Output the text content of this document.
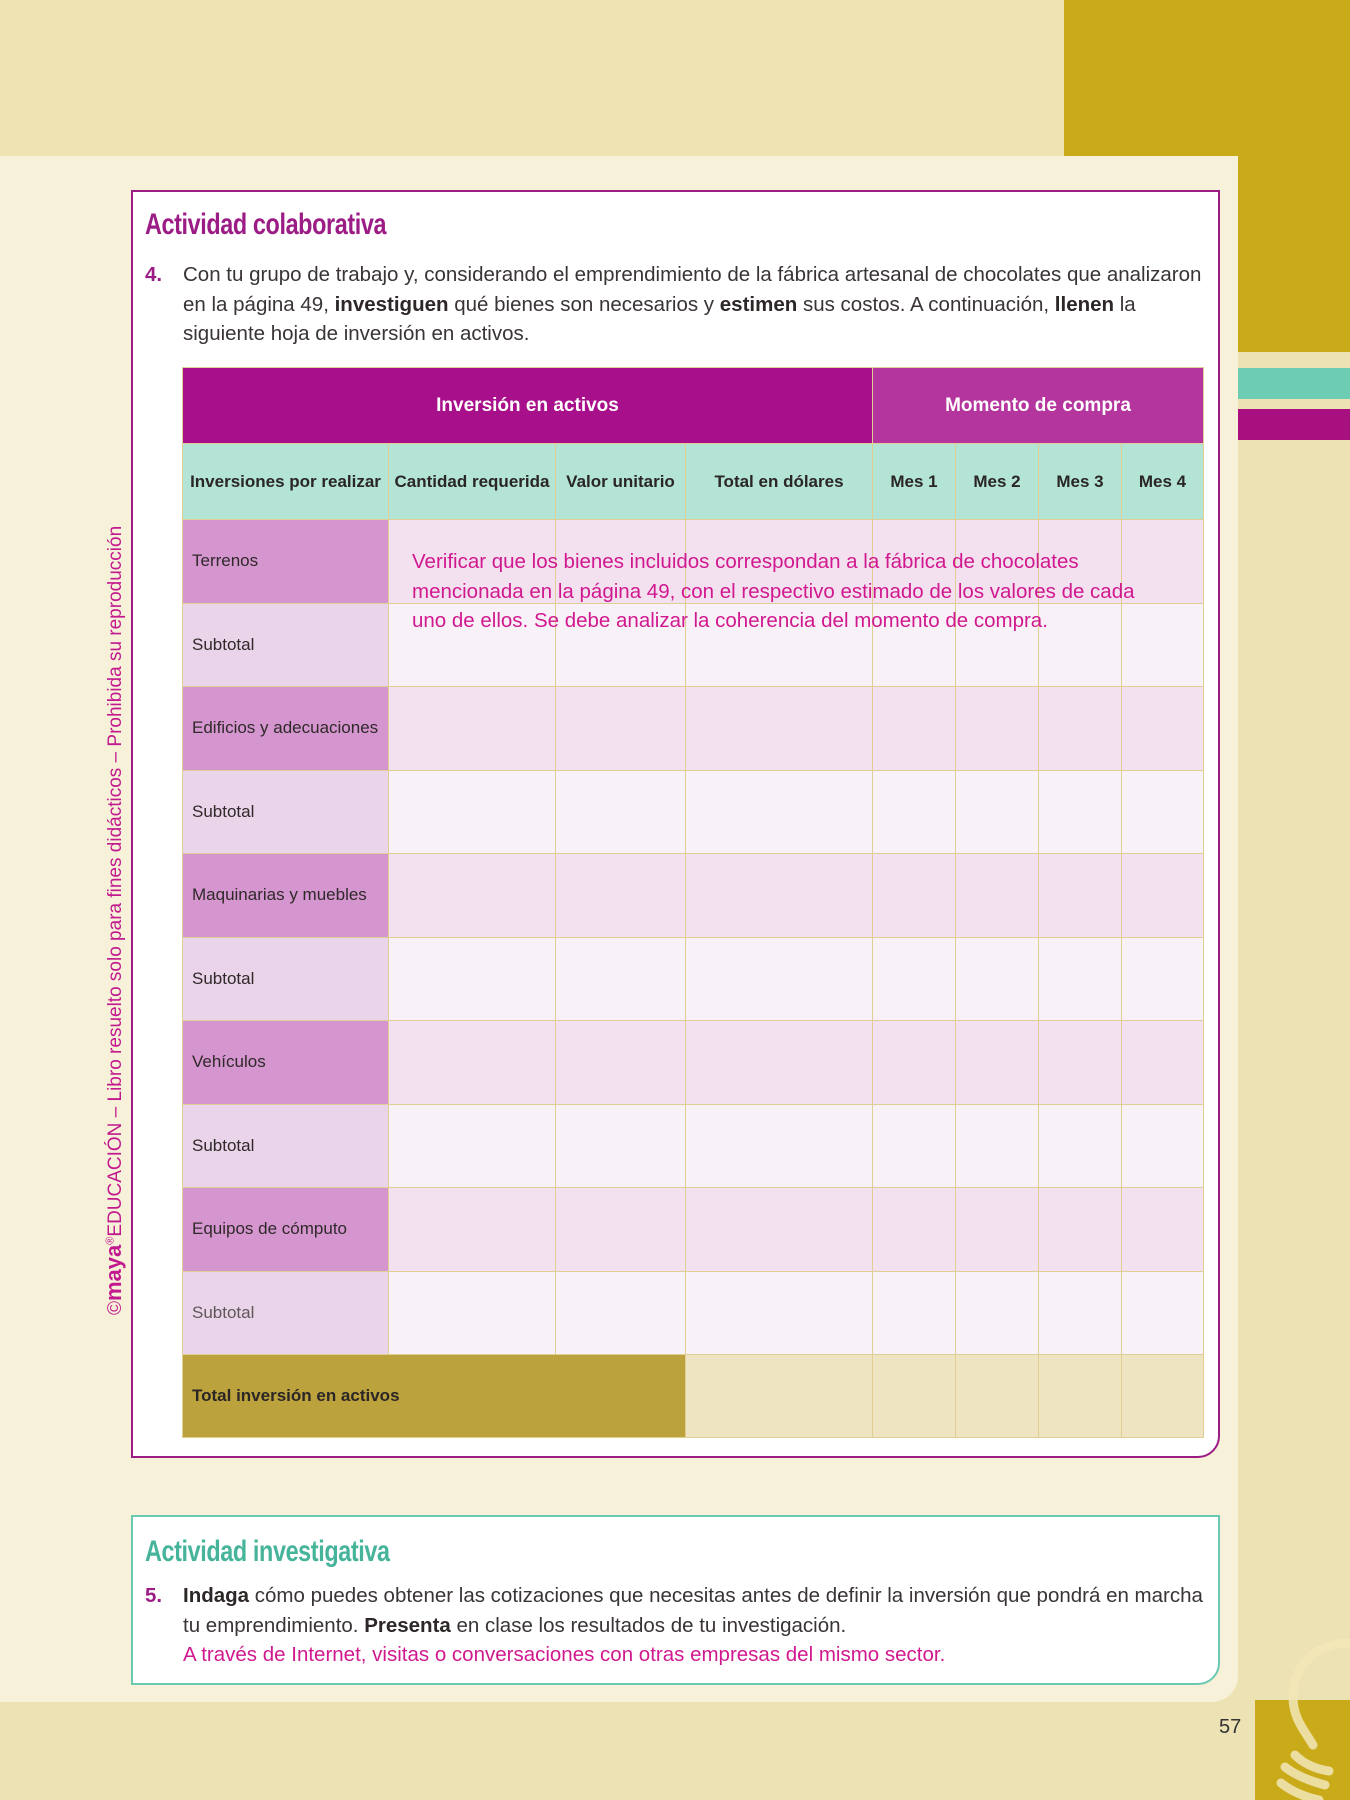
©maya®EDUCACIÓN – Libro resuelto solo para fines didácticos – Prohibida su reproducción
Actividad colaborativa
4.	Con tu grupo de trabajo y, considerando el emprendimiento de la fábrica artesanal de chocolates que analizaron en la página 49, investiguen qué bienes son necesarios y estimen sus costos. A continuación, llenen la siguiente hoja de inversión en activos.

Inversión en activos				Momento de compra			
Inversiones por realizar	Cantidad requerida	Valor unitario	Total en dólares	Mes 1	Mes 2	Mes 3	Mes 4
Terrenos							
Subtotal							
Edificios y adecuaciones							
Subtotal							
Maquinarias y muebles							
Subtotal							
Vehículos							
Subtotal							
Equipos de cómputo							
Subtotal							
Total inversión en activos							

Verificar que los bienes incluidos correspondan a la fábrica de chocolates mencionada en la página 49, con el respectivo estimado de los valores de cada uno de ellos. Se debe analizar la coherencia del momento de compra.

Actividad investigativa
5.	Indaga cómo puedes obtener las cotizaciones que necesitas antes de definir la inversión que pondrá en marcha tu emprendimiento. Presenta en clase los resultados de tu investigación.

A través de Internet, visitas o conversaciones con otras empresas del mismo sector.

57
